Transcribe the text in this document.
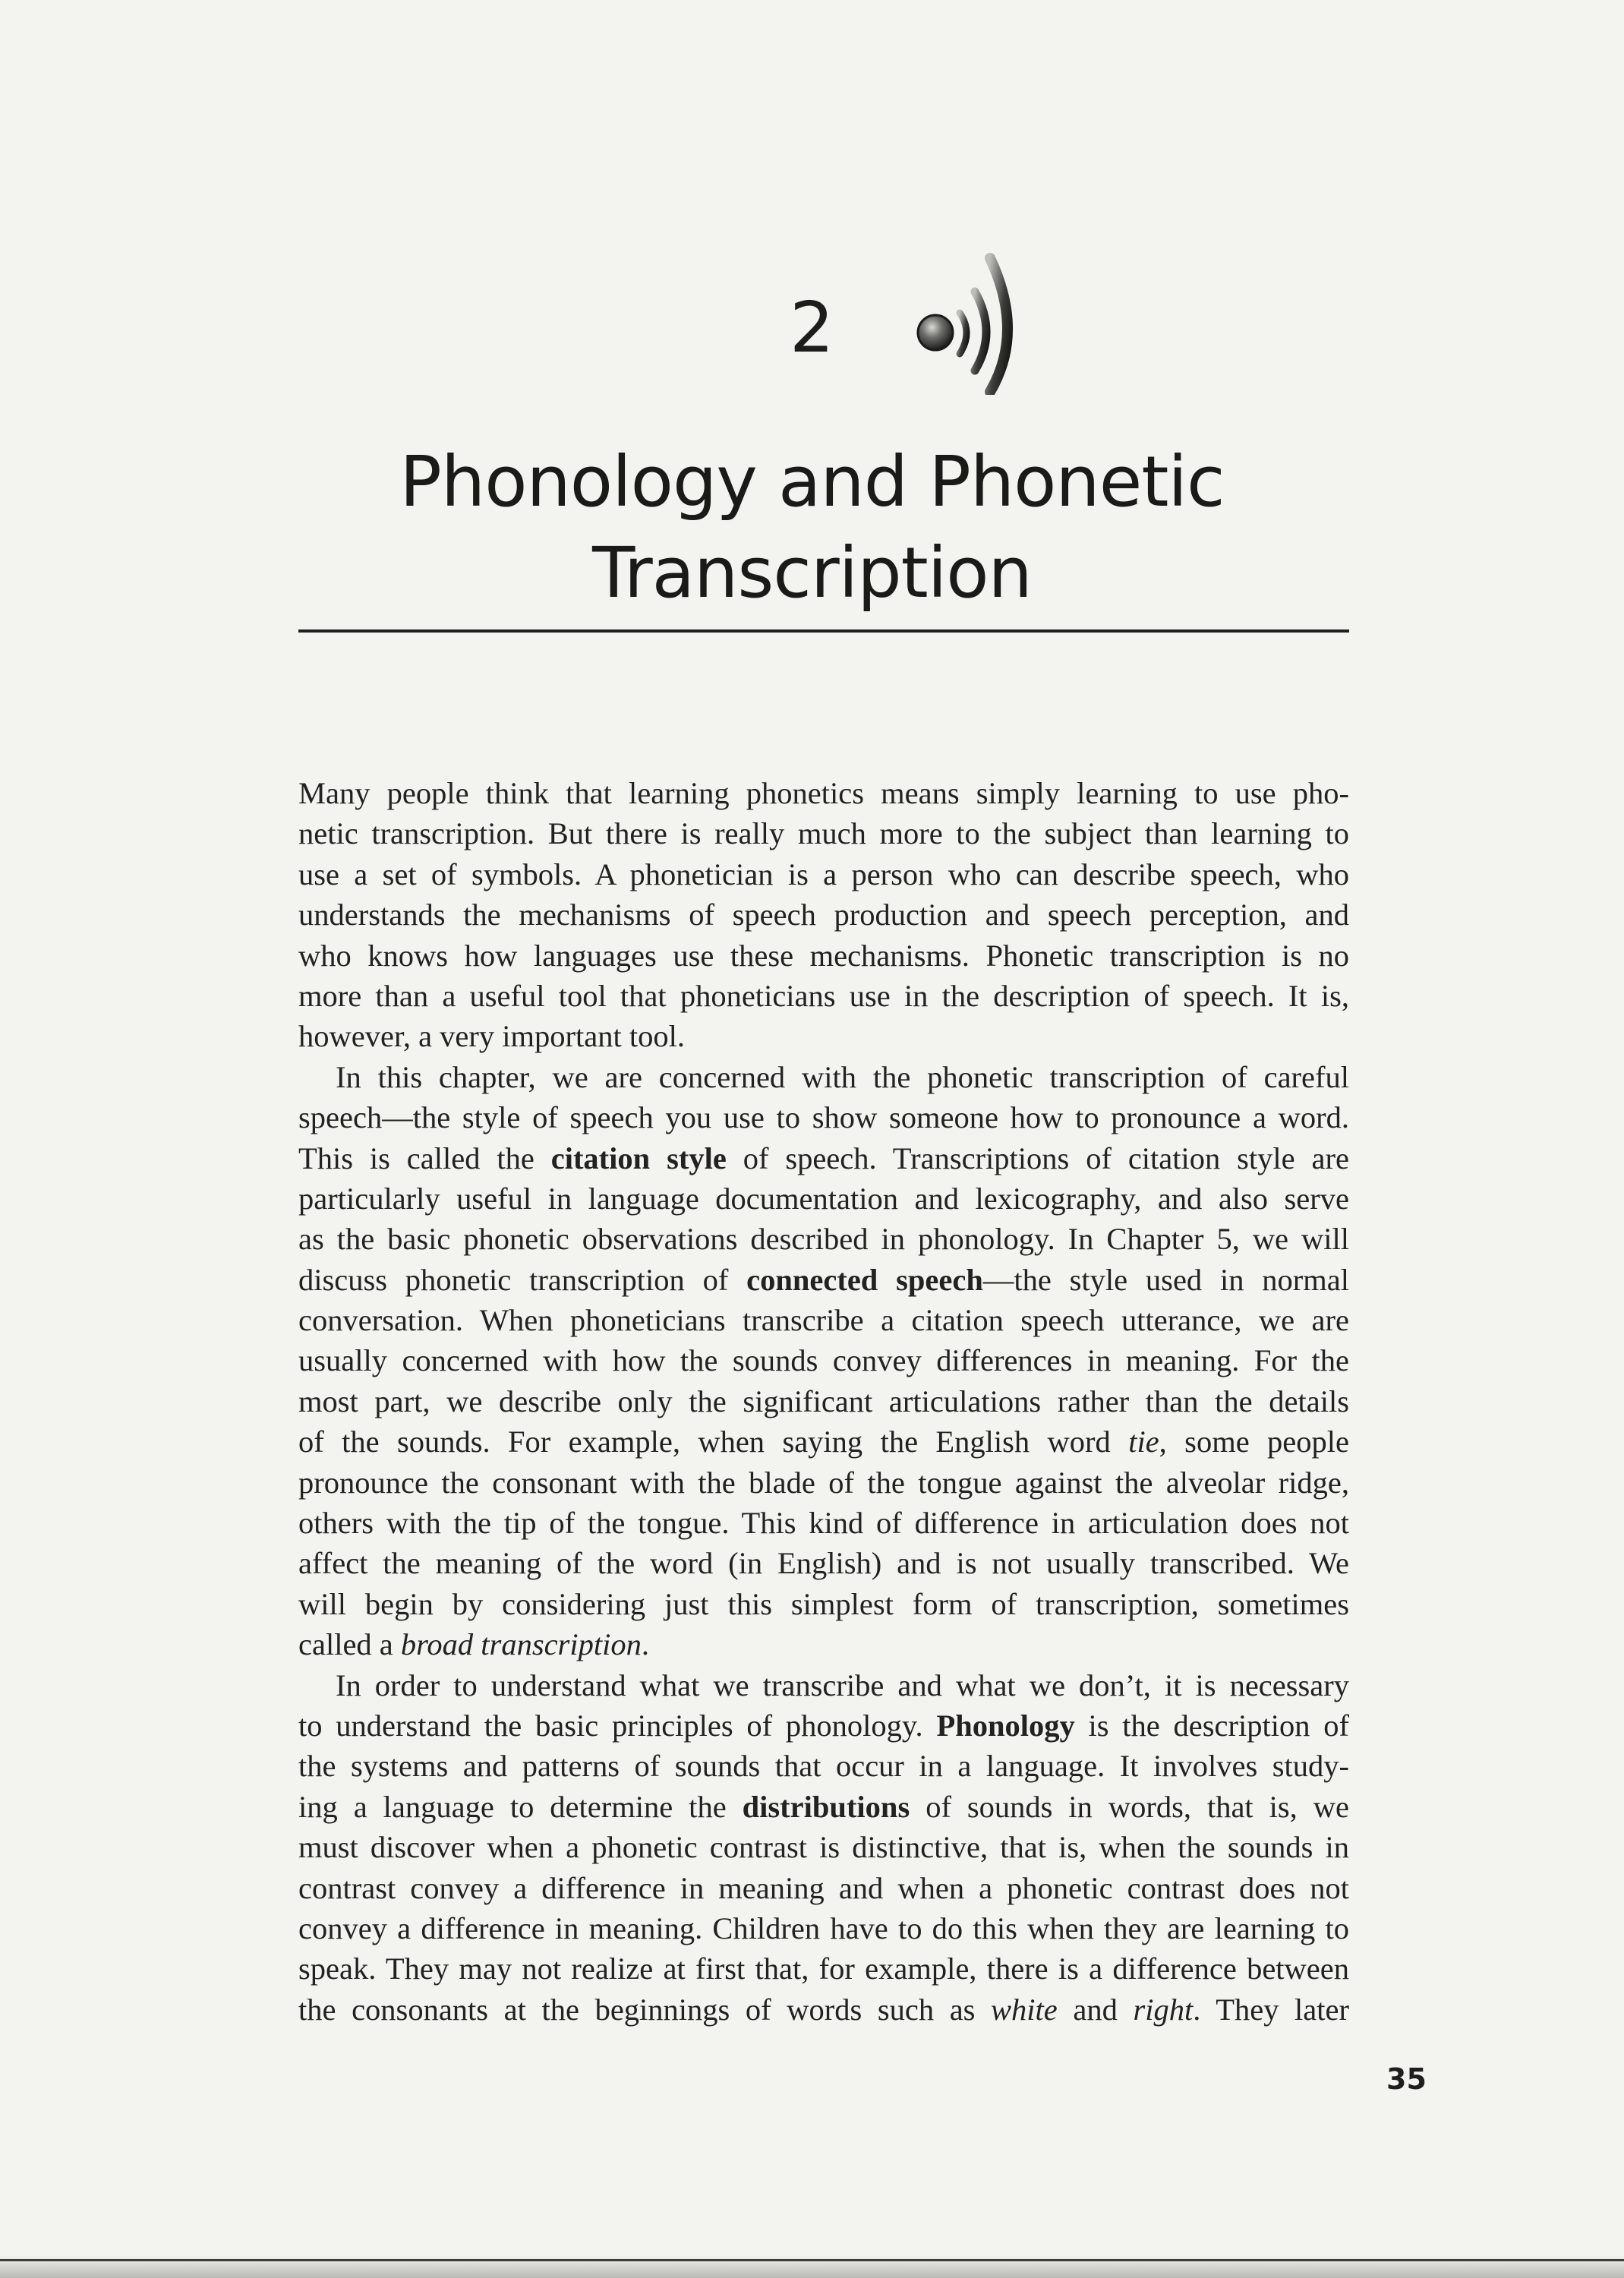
2
Phonology and Phonetic
Transcription
Many people think that learning phonetics means simply learning to use pho-
netic transcription. But there is really much more to the subject than learning to
use a set of symbols. A phonetician is a person who can describe speech, who
understands the mechanisms of speech production and speech perception, and
who knows how languages use these mechanisms. Phonetic transcription is no
more than a useful tool that phoneticians use in the description of speech. It is,
however, a very important tool.
In this chapter, we are concerned with the phonetic transcription of careful
speech—the style of speech you use to show someone how to pronounce a word.
This is called the citation style of speech. Transcriptions of citation style are
particularly useful in language documentation and lexicography, and also serve
as the basic phonetic observations described in phonology. In Chapter 5, we will
discuss phonetic transcription of connected speech—the style used in normal
conversation. When phoneticians transcribe a citation speech utterance, we are
usually concerned with how the sounds convey differences in meaning. For the
most part, we describe only the significant articulations rather than the details
of the sounds. For example, when saying the English word tie, some people
pronounce the consonant with the blade of the tongue against the alveolar ridge,
others with the tip of the tongue. This kind of difference in articulation does not
affect the meaning of the word (in English) and is not usually transcribed. We
will begin by considering just this simplest form of transcription, sometimes
called a broad transcription.
In order to understand what we transcribe and what we don’t, it is necessary
to understand the basic principles of phonology. Phonology is the description of
the systems and patterns of sounds that occur in a language. It involves study-
ing a language to determine the distributions of sounds in words, that is, we
must discover when a phonetic contrast is distinctive, that is, when the sounds in
contrast convey a difference in meaning and when a phonetic contrast does not
convey a difference in meaning. Children have to do this when they are learning to
speak. They may not realize at first that, for example, there is a difference between
the consonants at the beginnings of words such as white and right. They later
35
